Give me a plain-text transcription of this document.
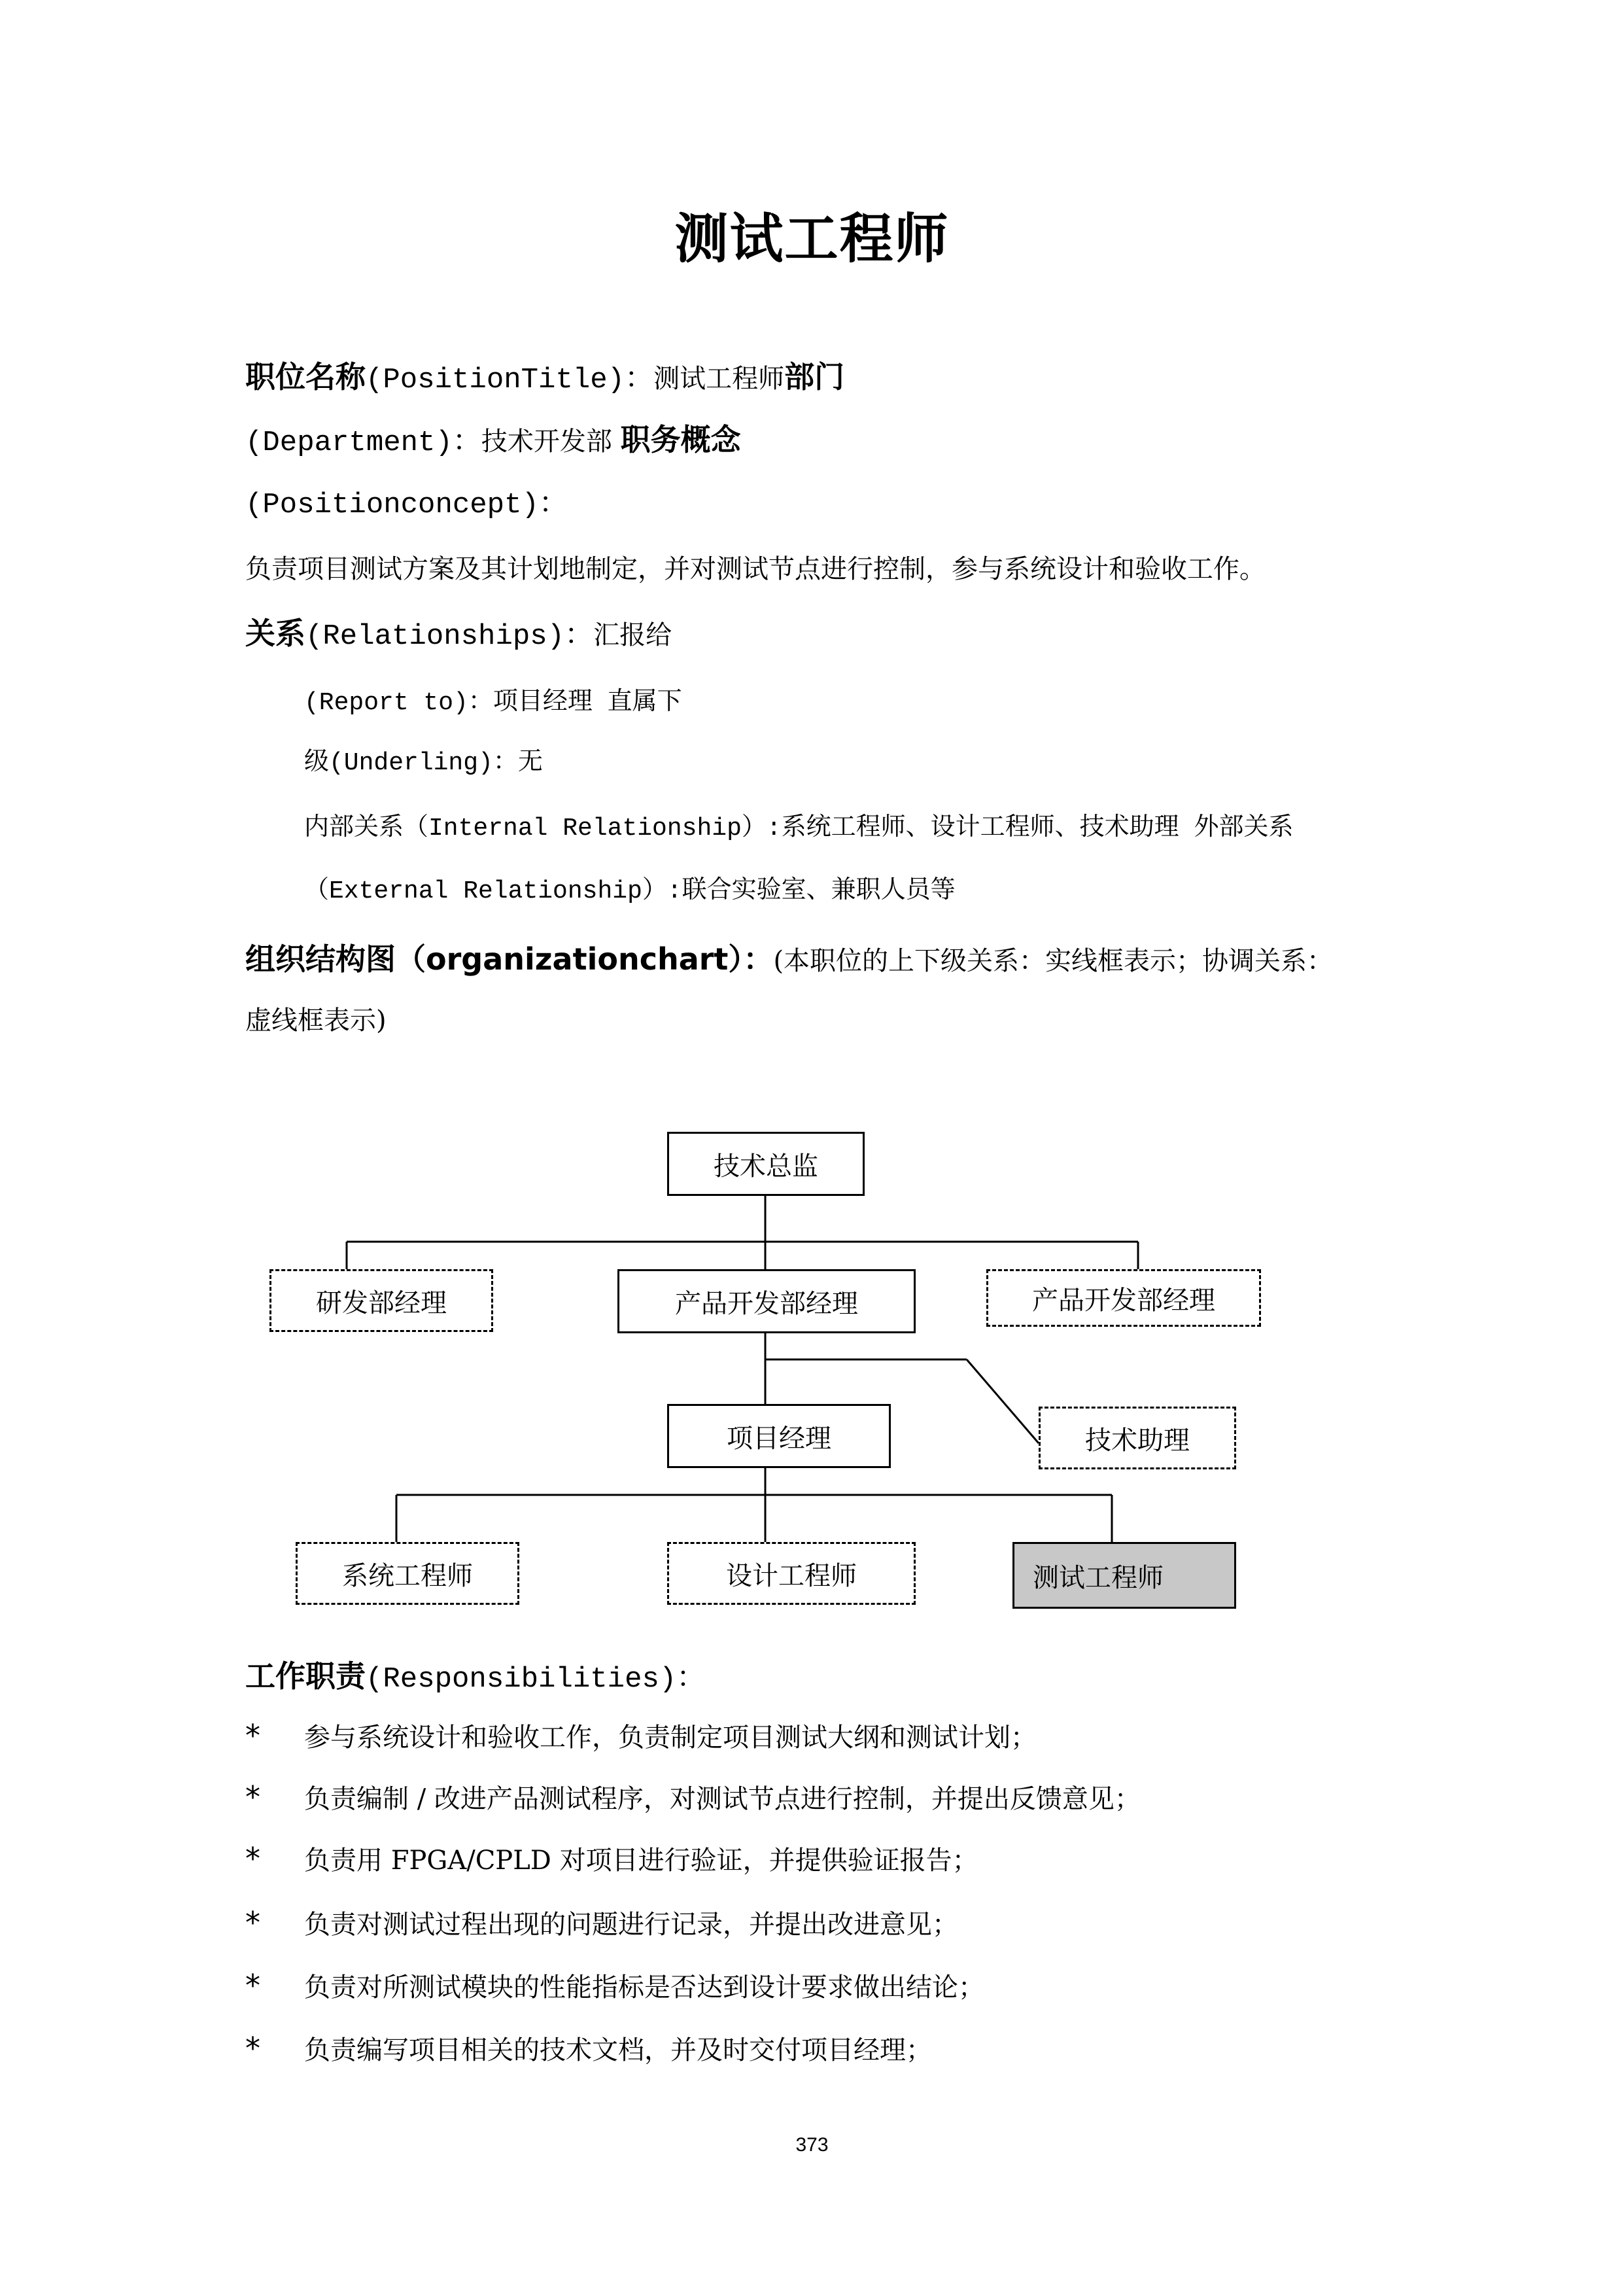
测试工程师
职位名称(PositionTitle)：测试工程师部门
(Department)：技术开发部 职务概念
(Positionconcept)：
负责项目测试方案及其计划地制定，并对测试节点进行控制，参与系统设计和验收工作。
关系(Relationships)：汇报给
(Report to)：项目经理 直属下
级(Underling)：无
内部关系（Internal Relationship）:系统工程师、设计工程师、技术助理 外部关系
（External Relationship）:联合实验室、兼职人员等
组织结构图（organizationchart）：(本职位的上下级关系：实线框表示；协调关系：
虚线框表示)
技术总监
研发部经理	产品开发部经理	产品开发部经理
项目经理	技术助理
系统工程师	设计工程师	测试工程师
工作职责(Responsibilities)：
* 参与系统设计和验收工作，负责制定项目测试大纲和测试计划；
* 负责编制 / 改进产品测试程序，对测试节点进行控制，并提出反馈意见；
* 负责用 FPGA/CPLD 对项目进行验证，并提供验证报告；
* 负责对测试过程出现的问题进行记录，并提出改进意见；
* 负责对所测试模块的性能指标是否达到设计要求做出结论；
* 负责编写项目相关的技术文档，并及时交付项目经理；
373
